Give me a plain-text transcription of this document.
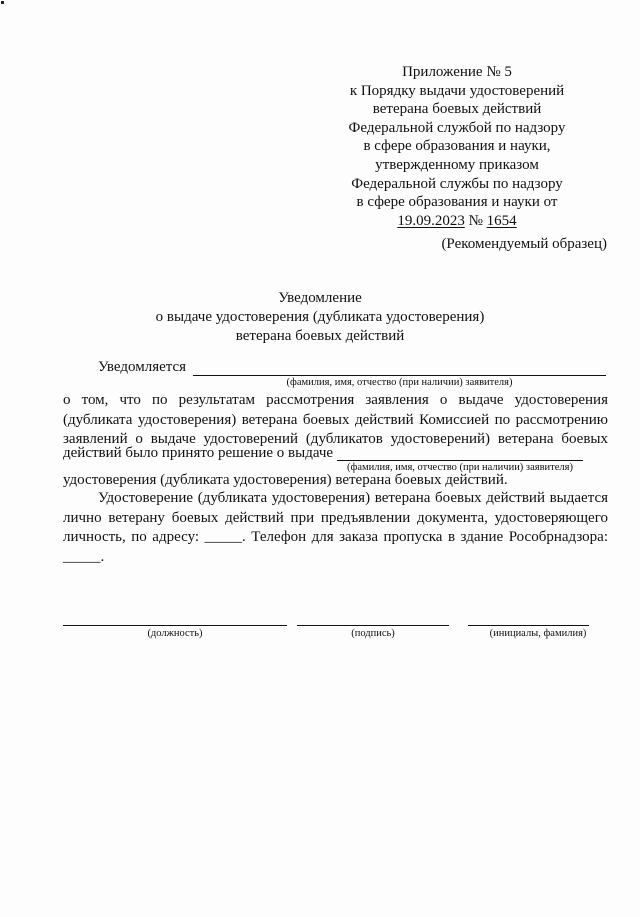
Приложение № 5
к Порядку выдачи удостоверений
ветерана боевых действий
Федеральной службой по надзору
в сфере образования и науки,
утвержденному приказом
Федеральной службы по надзору
в сфере образования и науки от
19.09.2023 № 1654
(Рекомендуемый образец)
Уведомление
о выдаче удостоверения (дубликата удостоверения)
ветерана боевых действий
Уведомляется
(фамилия, имя, отчество (при наличии) заявителя)
о том, что по результатам рассмотрения заявления о выдаче удостоверения
(дубликата удостоверения) ветерана боевых действий Комиссией по рассмотрению
заявлений о выдаче удостоверений (дубликатов удостоверений) ветерана боевых
действий было принято решение о выдаче
(фамилия, имя, отчество (при наличии) заявителя)
удостоверения (дубликата удостоверения) ветерана боевых действий.
Удостоверение (дубликата удостоверения) ветерана боевых действий выдается
лично ветерану боевых действий при предъявлении документа, удостоверяющего
личность, по адресу: _____. Телефон для заказа пропуска в здание Рособрнадзора:
_____.
(должность)	(подпись)	(инициалы, фамилия)
